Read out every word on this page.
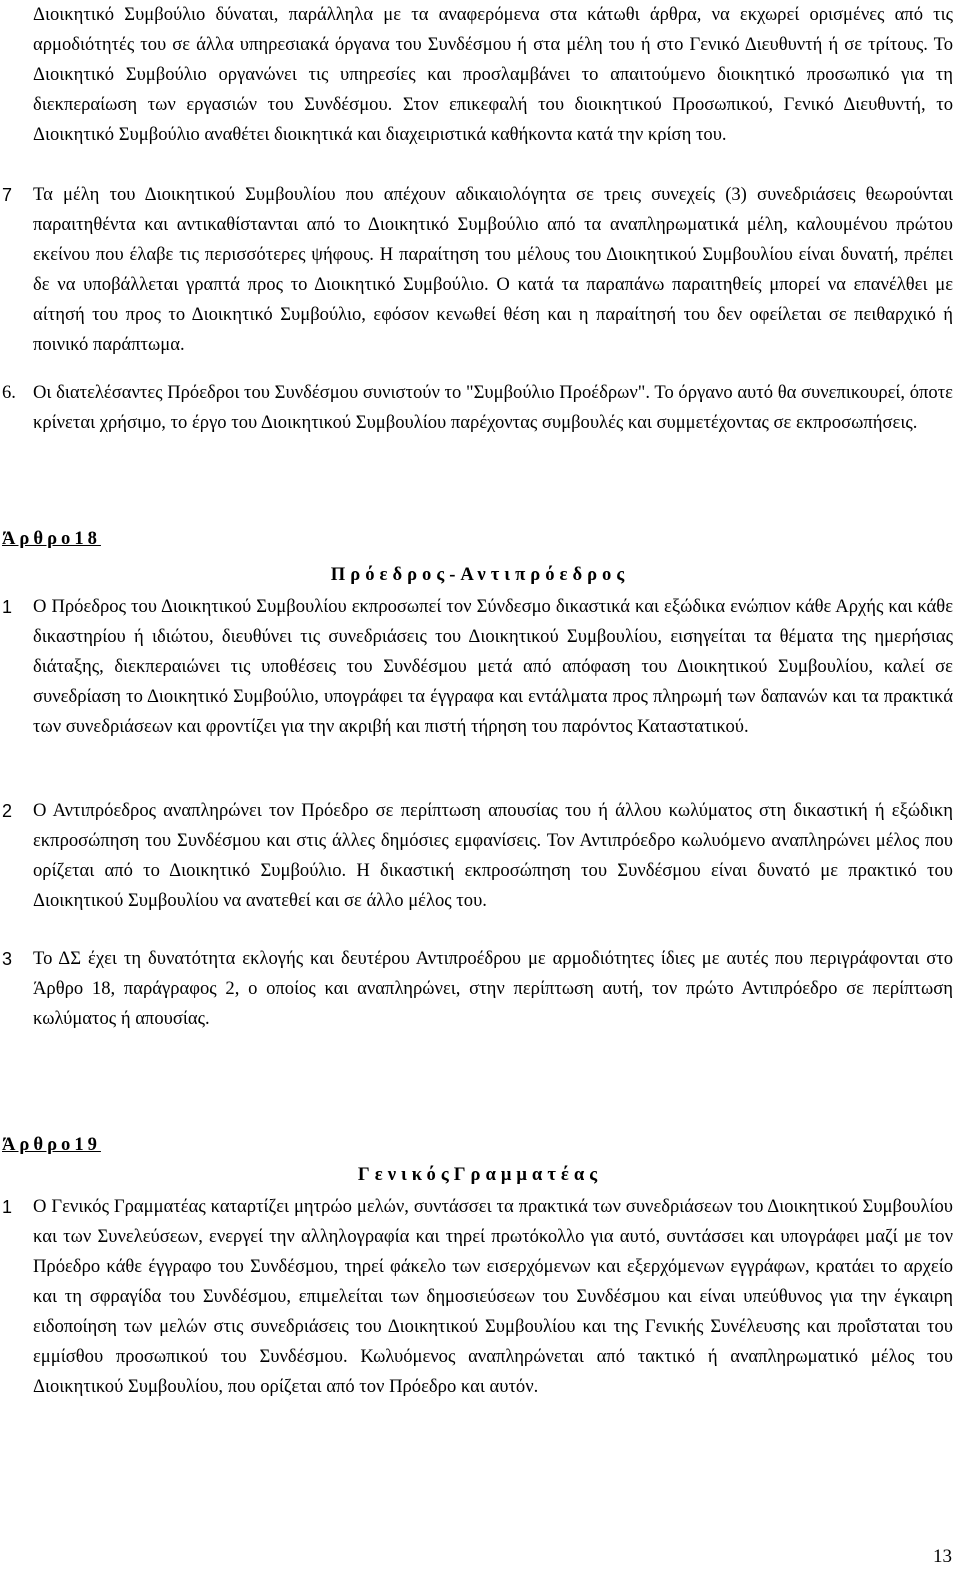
Διοικητικό Συμβούλιο δύναται, παράλληλα με τα αναφερόμενα στα κάτωθι άρθρα, να εκχωρεί ορισμένες από τις αρμοδιότητές του σε άλλα υπηρεσιακά όργανα του Συνδέσμου ή στα μέλη του ή στο Γενικό Διευθυντή ή σε τρίτους. Το Διοικητικό Συμβούλιο οργανώνει τις υπηρεσίες και προσλαμβάνει το απαιτούμενο διοικητικό προσωπικό για τη διεκπεραίωση των εργασιών του Συνδέσμου. Στον επικεφαλή του διοικητικού Προσωπικού, Γενικό Διευθυντή, το Διοικητικό Συμβούλιο αναθέτει διοικητικά και διαχειριστικά καθήκοντα κατά την κρίση του.

7	Τα μέλη του Διοικητικού Συμβουλίου που απέχουν αδικαιολόγητα σε τρεις συνεχείς (3) συνεδριάσεις θεωρούνται παραιτηθέντα και αντικαθίστανται από το Διοικητικό Συμβούλιο από τα αναπληρωματικά μέλη, καλουμένου πρώτου εκείνου που έλαβε τις περισσότερες ψήφους. Η παραίτηση του μέλους του Διοικητικού Συμβουλίου είναι δυνατή, πρέπει δε να υποβάλλεται γραπτά προς το Διοικητικό Συμβούλιο. Ο κατά τα παραπάνω παραιτηθείς μπορεί να επανέλθει με αίτησή του προς το Διοικητικό Συμβούλιο, εφόσον κενωθεί θέση και η παραίτησή του δεν οφείλεται σε πειθαρχικό ή ποινικό παράπτωμα.

6. Οι διατελέσαντες Πρόεδροι του Συνδέσμου συνιστούν το "Συμβούλιο Προέδρων". Το όργανο αυτό θα συνεπικουρεί, όποτε κρίνεται χρήσιμο, το έργο του Διοικητικού Συμβουλίου παρέχοντας συμβουλές και συμμετέχοντας σε εκπροσωπήσεις.

Άρθρο18
Πρόεδρος-Αντιπρόεδρος
1	Ο Πρόεδρος του Διοικητικού Συμβουλίου εκπροσωπεί τον Σύνδεσμο δικαστικά και εξώδικα ενώπιον κάθε Αρχής και κάθε δικαστηρίου ή ιδιώτου, διευθύνει τις συνεδριάσεις του Διοικητικού Συμβουλίου, εισηγείται τα θέματα της ημερήσιας διάταξης, διεκπεραιώνει τις υποθέσεις του Συνδέσμου μετά από απόφαση του Διοικητικού Συμβουλίου, καλεί σε συνεδρίαση το Διοικητικό Συμβούλιο, υπογράφει τα έγγραφα και εντάλματα προς πληρωμή των δαπανών και τα πρακτικά των συνεδριάσεων και φροντίζει για την ακριβή και πιστή τήρηση του παρόντος Καταστατικού.

2	Ο Αντιπρόεδρος αναπληρώνει τον Πρόεδρο σε περίπτωση απουσίας του ή άλλου κωλύματος στη δικαστική ή εξώδικη εκπροσώπηση του Συνδέσμου και στις άλλες δημόσιες εμφανίσεις. Τον Αντιπρόεδρο κωλυόμενο αναπληρώνει μέλος που ορίζεται από το Διοικητικό Συμβούλιο. Η δικαστική εκπροσώπηση του Συνδέσμου είναι δυνατό με πρακτικό του Διοικητικού Συμβουλίου να ανατεθεί και σε άλλο μέλος του.

3	Το ΔΣ έχει τη δυνατότητα εκλογής και δευτέρου Αντιπροέδρου με αρμοδιότητες ίδιες με αυτές που περιγράφονται στο Άρθρο 18, παράγραφος 2, ο οποίος και αναπληρώνει, στην περίπτωση αυτή, τον πρώτο Αντιπρόεδρο σε περίπτωση κωλύματος ή απουσίας.

Άρθρο19
ΓενικόςΓραμματέας
1	Ο Γενικός Γραμματέας καταρτίζει μητρώο μελών, συντάσσει τα πρακτικά των συνεδριάσεων του Διοικητικού Συμβουλίου και των Συνελεύσεων, ενεργεί την αλληλογραφία και τηρεί πρωτόκολλο για αυτό, συντάσσει και υπογράφει μαζί με τον Πρόεδρο κάθε έγγραφο του Συνδέσμου, τηρεί φάκελο των εισερχόμενων και εξερχόμενων εγγράφων, κρατάει το αρχείο και τη σφραγίδα του Συνδέσμου, επιμελείται των δημοσιεύσεων του Συνδέσμου και είναι υπεύθυνος για την έγκαιρη ειδοποίηση των μελών στις συνεδριάσεις του Διοικητικού Συμβουλίου και της Γενικής Συνέλευσης και προΐσταται του εμμίσθου προσωπικού του Συνδέσμου. Κωλυόμενος αναπληρώνεται από τακτικό ή αναπληρωματικό μέλος του Διοικητικού Συμβουλίου, που ορίζεται από τον Πρόεδρο και αυτόν.

13
